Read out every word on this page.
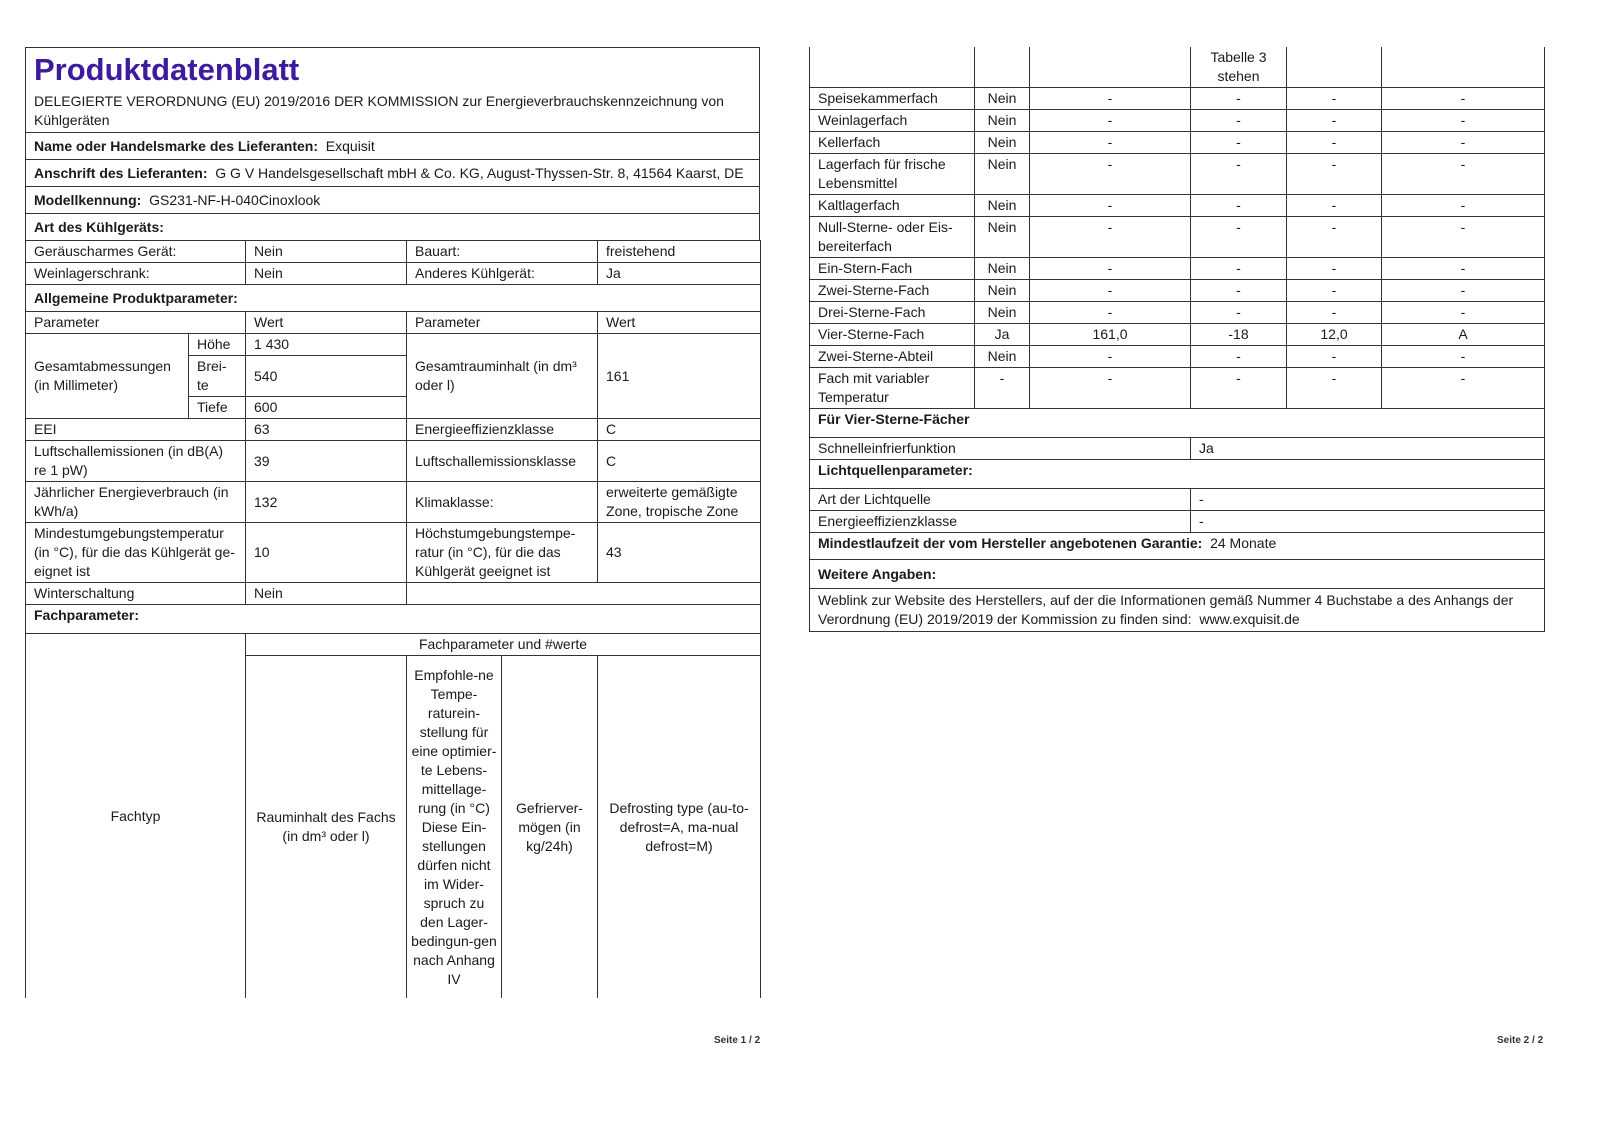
Produktdatenblatt
DELEGIERTE VERORDNUNG (EU) 2019/2016 DER KOMMISSION zur Energieverbrauchskennzeichnung von Kühlgeräten
Name oder Handelsmarke des Lieferanten: Exquisit
Anschrift des Lieferanten: G G V Handelsgesellschaft mbH & Co. KG, August-Thyssen-Str. 8, 41564 Kaarst, DE
Modellkennung: GS231-NF-H-040Cinoxlook
Art des Kühlgeräts:
Geräuscharmes Gerät:	Nein	Bauart:	freistehend
Weinlagerschrank:	Nein	Anderes Kühlgerät:	Ja
Allgemeine Produktparameter:			
Parameter		Wert	Parameter	Wert
Gesamtabmessungen (in Millimeter)	Höhe	1 430	Gesamtrauminhalt (in dm³ oder l)	161
	Brei-te	540		

	Tiefe	600		
EEI		63	Energieeffizienzklasse	C
Luftschallemissionen (in dB(A) re 1 pW)		39	Luftschallemissionsklasse	C
Jährlicher Energieverbrauch (in kWh/a)		132	Klimaklasse:	erweiterte gemäßigte Zone, tropische Zone
Mindestumgebungstemperatur (in °C), für die das Kühlgerät ge-eignet ist		10	Höchstumgebungstempe-ratur (in °C), für die das Kühlgerät geeignet ist	43
Winterschaltung		Nein		
Fachparameter:				
Fachtyp	Fachparameter und #werte			
	Rauminhalt des Fachs (in dm³ oder l)	Empfohle-ne Tempe-raturein-stellung für eine optimier-te Lebens-mittellage-rung (in °C) Diese Ein-stellungen dürfen nicht im Wider-spruch zu den Lager-bedingun-gen nach Anhang IV	Gefrierver-mögen (in kg/24h)	Defrosting type (au-to-defrost=A, ma-nual defrost=M)
Seite 1 / 2
			Tabelle 3 stehen		
Speisekammerfach	Nein	-	-	-	-
Weinlagerfach	Nein	-	-	-	-
Kellerfach	Nein	-	-	-	-
Lagerfach für frische Lebensmittel	Nein	-	-	-	-
Kaltlagerfach	Nein	-	-	-	-
Null-Sterne- oder Eis-bereiterfach	Nein	-	-	-	-
Ein-Stern-Fach	Nein	-	-	-	-
Zwei-Sterne-Fach	Nein	-	-	-	-
Drei-Sterne-Fach	Nein	-	-	-	-
Vier-Sterne-Fach	Ja	161,0	-18	12,0	A
Zwei-Sterne-Abteil	Nein	-	-	-	-
Fach mit variabler Temperatur	-	-	-	-	-
Für Vier-Sterne-Fächer	
Schnelleinfrierfunktion	Ja
Lichtquellenparameter:	
Art der Lichtquelle	-
Energieeffizienzklasse	-
Mindestlaufzeit der vom Hersteller angebotenen Garantie: 24 Monate	
Weitere Angaben:	
Weblink zur Website des Herstellers, auf der die Informationen gemäß Nummer 4 Buchstabe a des Anhangs der Verordnung (EU) 2019/2019 der Kommission zu finden sind: www.exquisit.de	
Seite 2 / 2
